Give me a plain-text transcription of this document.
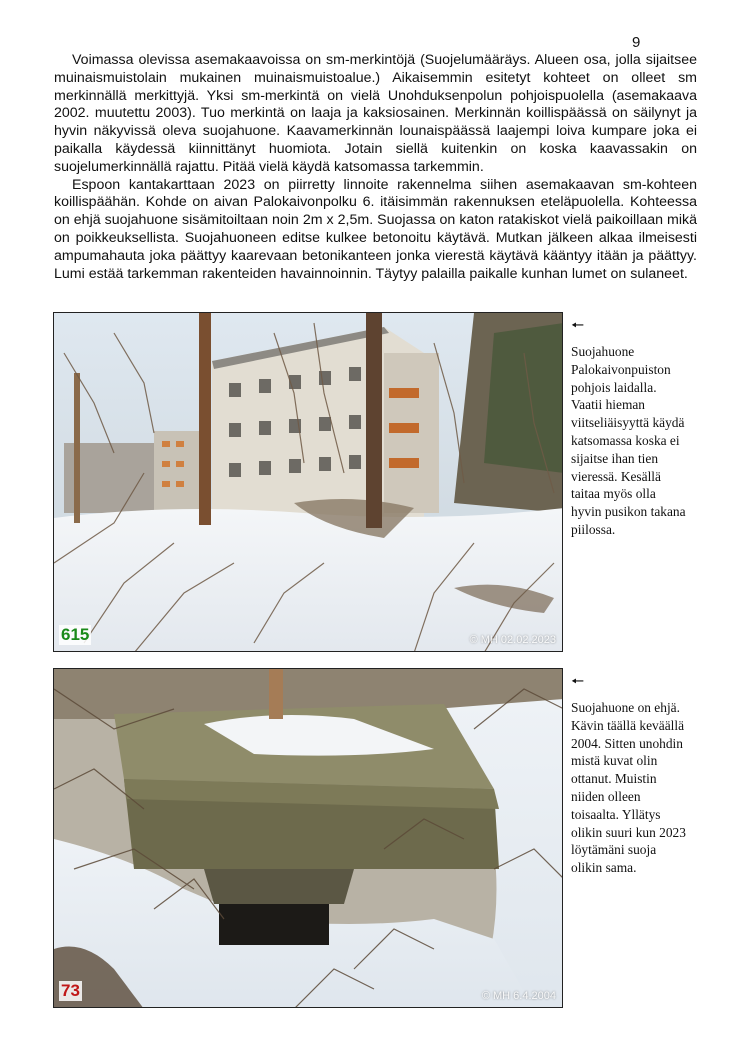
9

Voimassa olevissa asemakaavoissa on sm-merkintöjä (Suojelumääräys. Alueen osa, jolla sijaitsee muinaismuistolain mukainen muinaismuistoalue.) Aikaisemmin esitetyt kohteet on olleet sm merkinnällä merkittyjä. Yksi sm-merkintä on vielä Unohduksenpolun pohjoispuolella (asemakaava 2002. muutettu 2003). Tuo merkintä on laaja ja kaksiosainen. Merkinnän koillispäässä on säilynyt ja hyvin näkyvissä oleva suojahuone. Kaavamerkinnän lounaispäässä laajempi loiva kumpare joka ei paikalla käydessä kiinnittänyt huomiota. Jotain siellä kuitenkin on koska kaavassakin on suojelumerkinnällä rajattu. Pitää vielä käydä katsomassa tarkemmin.

Espoon kantakarttaan 2023 on piirretty linnoite rakennelma siihen asemakaavan sm-kohteen koillispäähän. Kohde on aivan Palokaivonpolku 6. itäisimmän rakennuksen eteläpuolella. Kohteessa on ehjä suojahuone sisämitoiltaan noin 2m x 2,5m. Suojassa on katon ratakiskot vielä paikoillaan mikä on poikkeuksellista. Suojahuoneen editse kulkee betonoitu käytävä. Mutkan jälkeen alkaa ilmeisesti ampumahauta joka päättyy kaarevaan betonikanteen jonka vierestä käytävä kääntyy itään ja päättyy. Lumi estää tarkemman rakenteiden havainnoinnin. Täytyy palailla paikalle kunhan lumet on sulaneet.

615	© MH 02.02.2023
🠔

Suojahuone Palokaivonpuiston pohjois laidalla. Vaatii hieman viitseliäisyyttä käydä katsomassa koska ei sijaitse ihan tien vieressä. Kesällä taitaa myös olla hyvin pusikon takana piilossa.

73	© MH 6.4.2004
🠔

Suojahuone on ehjä. Kävin täällä keväällä 2004. Sitten unohdin mistä kuvat olin ottanut. Muistin niiden olleen toisaalta. Yllätys olikin suuri kun 2023 löytämäni suoja olikin sama.
